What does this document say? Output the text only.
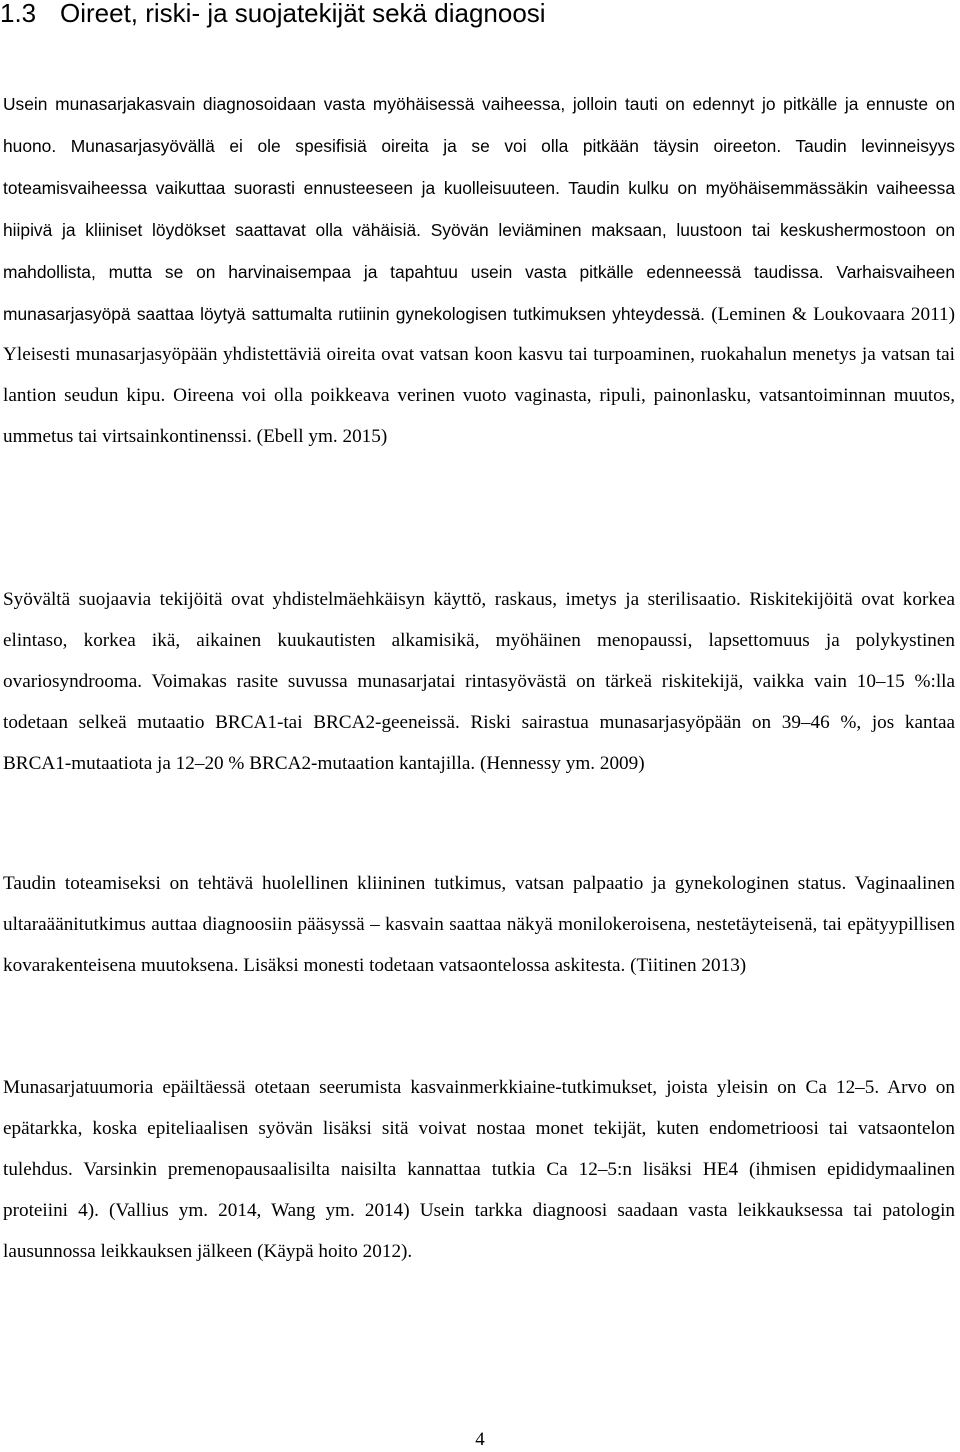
1.3 Oireet, riski- ja suojatekijät sekä diagnoosi

Usein munasarjakasvain diagnosoidaan vasta myöhäisessä vaiheessa, jolloin tauti on edennyt jo pitkälle ja ennuste on huono. Munasarjasyövällä ei ole spesifisiä oireita ja se voi olla pitkään täysin oireeton. Taudin levinneisyys toteamisvaiheessa vaikuttaa suorasti ennusteeseen ja kuolleisuuteen. Taudin kulku on myöhäisemmässäkin vaiheessa hiipivä ja kliiniset löydökset saattavat olla vähäisiä. Syövän leviäminen maksaan, luustoon tai keskushermostoon on mahdollista, mutta se on harvinaisempaa ja tapahtuu usein vasta pitkälle edenneessä taudissa. Varhaisvaiheen munasarjasyöpä saattaa löytyä sattumalta rutiinin gynekologisen tutkimuksen yhteydessä. (Leminen & Loukovaara 2011) Yleisesti munasarjasyöpään yhdistettäviä oireita ovat vatsan koon kasvu tai turpoaminen, ruokahalun menetys ja vatsan tai lantion seudun kipu. Oireena voi olla poikkeava verinen vuoto vaginasta, ripuli, painonlasku, vatsantoiminnan muutos, ummetus tai virtsainkontinenssi. (Ebell ym. 2015)

Syövältä suojaavia tekijöitä ovat yhdistelmäehkäisyn käyttö, raskaus, imetys ja sterilisaatio. Riskitekijöitä ovat korkea elintaso, korkea ikä, aikainen kuukautisten alkamisikä, myöhäinen menopaussi, lapsettomuus ja polykystinen ovariosyndrooma. Voimakas rasite suvussa munasarjatai rintasyövästä on tärkeä riskitekijä, vaikka vain 10–15 %:lla todetaan selkeä mutaatio BRCA1-tai BRCA2-geeneissä. Riski sairastua munasarjasyöpään on 39–46 %, jos kantaa BRCA1-mutaatiota ja 12–20 % BRCA2-mutaation kantajilla. (Hennessy ym. 2009)

Taudin toteamiseksi on tehtävä huolellinen kliininen tutkimus, vatsan palpaatio ja gynekologinen status. Vaginaalinen ultaraäänitutkimus auttaa diagnoosiin pääsyssä – kasvain saattaa näkyä monilokeroisena, nestetäyteisenä, tai epätyypillisen kovarakenteisena muutoksena. Lisäksi monesti todetaan vatsaontelossa askitesta. (Tiitinen 2013)

Munasarjatuumoria epäiltäessä otetaan seerumista kasvainmerkkiaine-tutkimukset, joista yleisin on Ca 12–5. Arvo on epätarkka, koska epiteliaalisen syövän lisäksi sitä voivat nostaa monet tekijät, kuten endometrioosi tai vatsaontelon tulehdus. Varsinkin premenopausaalisilta naisilta kannattaa tutkia Ca 12–5:n lisäksi HE4 (ihmisen epididymaalinen proteiini 4). (Vallius ym. 2014, Wang ym. 2014) Usein tarkka diagnoosi saadaan vasta leikkauksessa tai patologin lausunnossa leikkauksen jälkeen (Käypä hoito 2012).

4
